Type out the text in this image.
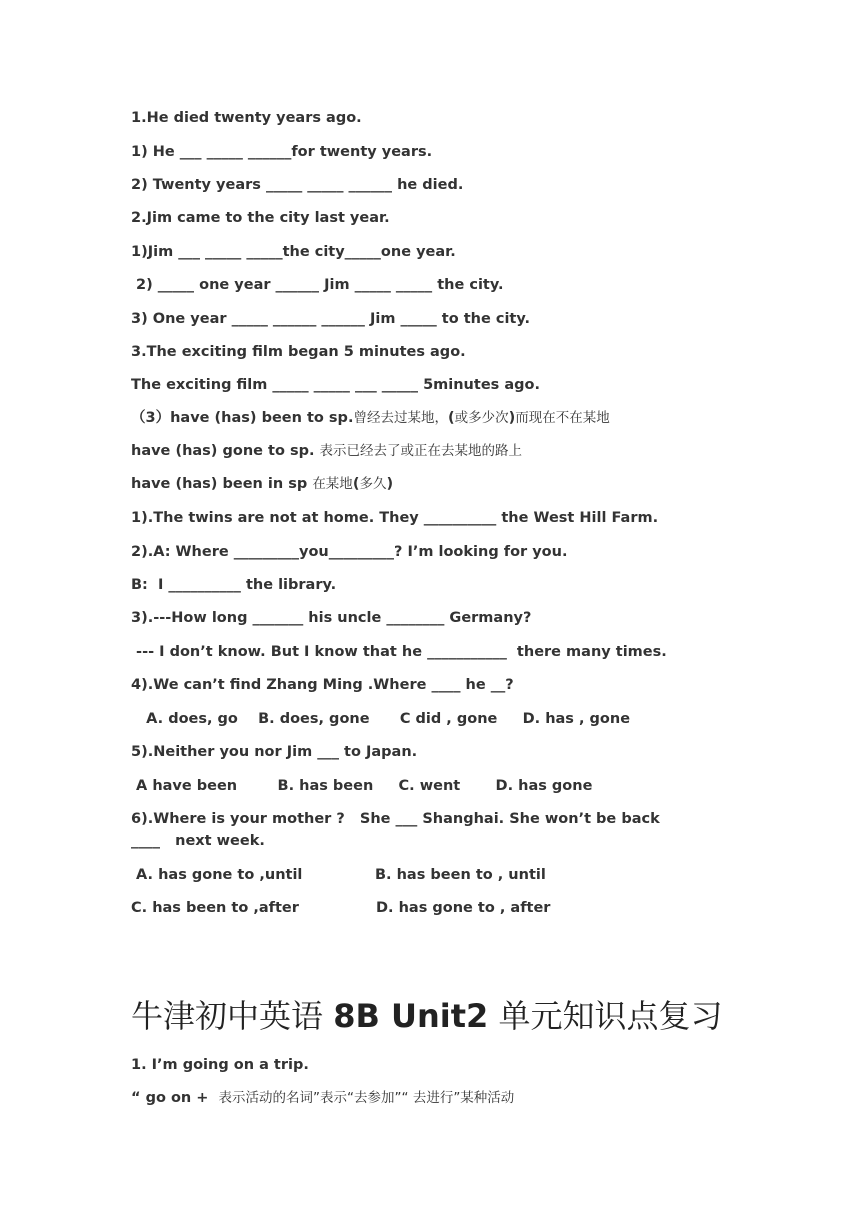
1.He died twenty years ago.
1) He ___ _____ ______for twenty years.
2) Twenty years _____ _____ ______ he died.
2.Jim came to the city last year.
1)Jim ___ _____ _____the city_____one year.
2) _____ one year ______ Jim _____ _____ the city.
3) One year _____ ______ ______ Jim _____ to the city.
3.The exciting film began 5 minutes ago.
The exciting film _____ _____ ___ _____ 5minutes ago.
（3）have (has) been to sp.曾经去过某地，(或多少次)而现在不在某地
have (has) gone to sp. 表示已经去了或正在去某地的路上
have (has) been in sp 在某地(多久)
1).The twins are not at home. They __________ the West Hill Farm.
2).A: Where _________you_________? I’m looking for you.
B:  I __________ the library.
3).---How long _______ his uncle ________ Germany?
--- I don’t know. But I know that he ___________  there many times.
4).We can’t find Zhang Ming .Where ____ he __?
A. does, go    B. does, gone      C did , gone     D. has , gone
5).Neither you nor Jim ___ to Japan.
A have been        B. has been     C. went       D. has gone
6).Where is your mother ?   She ___ Shanghai. She won’t be back
____   next week.
A. has gone to ,until	B. has been to , until
C. has been to ,after	D. has gone to , after
牛津初中英语 8B Unit2 单元知识点复习
1. I’m going on a trip.
“ go on +  表示活动的名词”表示“去参加”“ 去进行”某种活动
